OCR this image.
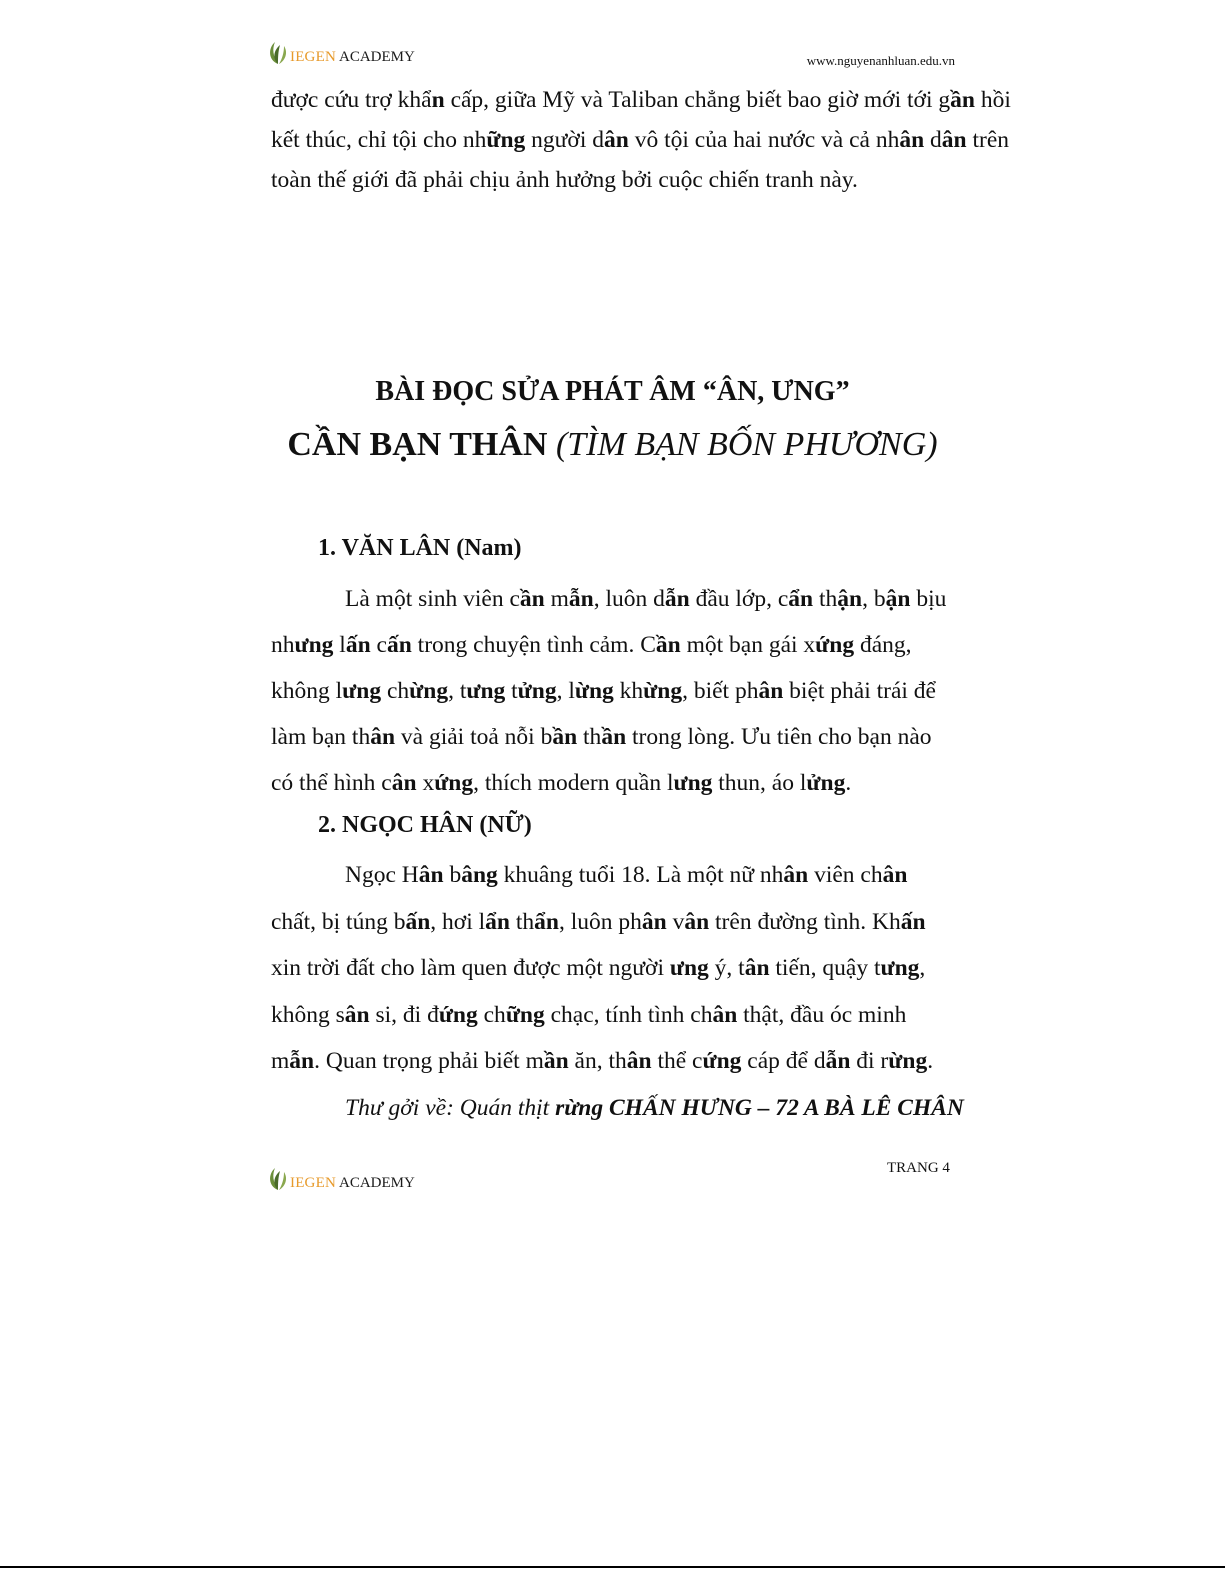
IEGEN ACADEMY	www.nguyenanhluan.edu.vn
được cứu trợ khẩn cấp, giữa Mỹ và Taliban chẳng biết bao giờ mới tới gần hồi
kết thúc, chỉ tội cho những người dân vô tội của hai nước và cả nhân dân trên
toàn thế giới đã phải chịu ảnh hưởng bởi cuộc chiến tranh này.

BÀI ĐỌC SỬA PHÁT ÂM “ÂN, ƯNG”

CẦN BẠN THÂN (TÌM BẠN BỐN PHƯƠNG)

1. VĂN LÂN (Nam)

Là một sinh viên cần mẫn, luôn dẫn đầu lớp, cẩn thận, bận bịu
nhưng lấn cấn trong chuyện tình cảm. Cần một bạn gái xứng đáng,
không lưng chừng, tưng tửng, lừng khừng, biết phân biệt phải trái để
làm bạn thân và giải toả nỗi bần thần trong lòng. Ưu tiên cho bạn nào
có thể hình cân xứng, thích modern quần lưng thun, áo lửng.

2. NGỌC HÂN (NỮ)

Ngọc Hân bâng khuâng tuổi 18. Là một nữ nhân viên chân
chất, bị túng bấn, hơi lẩn thẩn, luôn phân vân trên đường tình. Khấn
xin trời đất cho làm quen được một người ưng ý, tân tiến, quậy tưng,
không sân si, đi đứng chững chạc, tính tình chân thật, đầu óc minh
mẫn. Quan trọng phải biết mần ăn, thân thể cứng cáp để dẫn đi rừng.
Thư gởi về: Quán thịt rừng CHẤN HƯNG – 72 A BÀ LÊ CHÂN
IEGEN ACADEMY
TRANG 4
